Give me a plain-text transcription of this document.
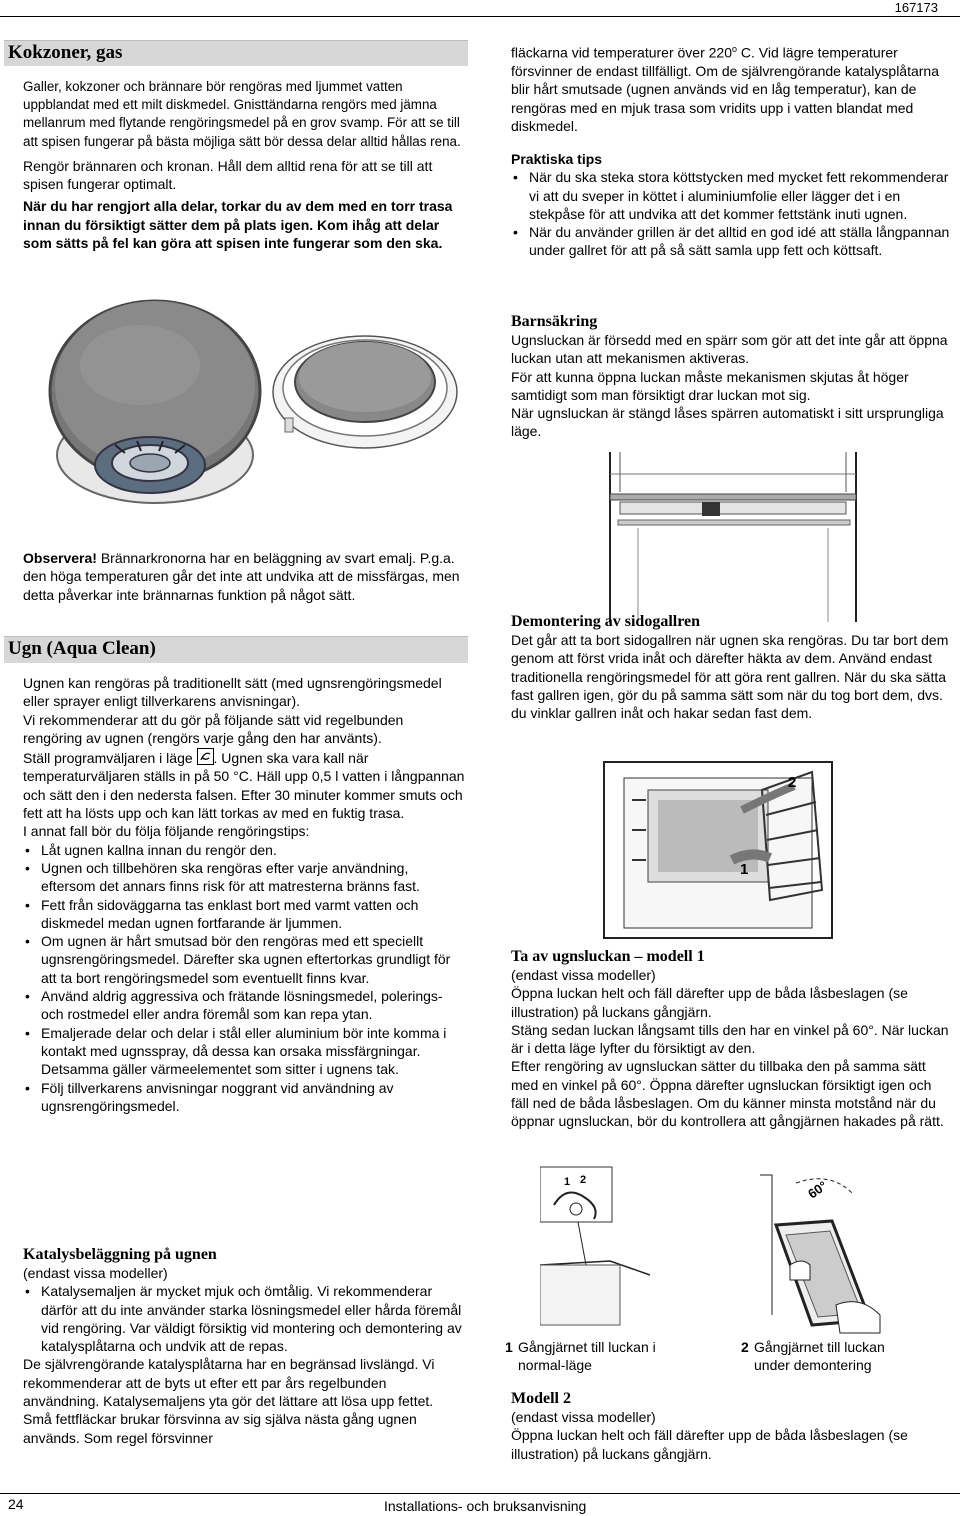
167173
Kokzoner, gas

Galler, kokzoner och brännare bör rengöras med ljummet vatten uppblandat med ett milt diskmedel. Gnisttändarna rengörs med jämna mellanrum med flytande rengöringsmedel på en grov svamp. För att se till att spisen fungerar på bästa möjliga sätt bör dessa delar alltid hållas rena.

Rengör brännaren och kronan. Håll dem alltid rena för att se till att spisen fungerar optimalt.

När du har rengjort alla delar, torkar du av dem med en torr trasa innan du försiktigt sätter dem på plats igen. Kom ihåg att delar som sätts på fel kan göra att spisen inte fungerar som den ska.

Observera! Brännarkronorna har en beläggning av svart emalj. P.g.a. den höga temperaturen går det inte att undvika att de missfärgas, men detta påverkar inte brännarnas funktion på något sätt.

Ugn (Aqua Clean)

Ugnen kan rengöras på traditionellt sätt (med ugnsrengöringsmedel eller sprayer enligt tillverkarens anvisningar).

Vi rekommenderar att du gör på följande sätt vid regelbunden rengöring av ugnen (rengörs varje gång den har använts).

Ställ programväljaren i läge
. Ugnen ska vara kall när temperaturväljaren ställs in på 50 °C. Häll upp 0,5 l vatten i långpannan och sätt den i den nedersta falsen. Efter 30 minuter kommer smuts och fett att ha lösts upp och kan lätt torkas av med en fuktig trasa.

I annat fall bör du följa följande rengöringstips:

• Låt ugnen kallna innan du rengör den.
• Ugnen och tillbehören ska rengöras efter varje användning, eftersom det annars finns risk för att matresterna bränns fast.
• Fett från sidoväggarna tas enklast bort med varmt vatten och diskmedel medan ugnen fortfarande är ljummen.
• Om ugnen är hårt smutsad bör den rengöras med ett speciellt ugnsrengöringsmedel. Därefter ska ugnen eftertorkas grundligt för att ta bort rengöringsmedel som eventuellt finns kvar.
• Använd aldrig aggressiva och frätande lösningsmedel, polerings- och rostmedel eller andra föremål som kan repa ytan.
• Emaljerade delar och delar i stål eller aluminium bör inte komma i kontakt med ugnsspray, då dessa kan orsaka missfärgningar. Detsamma gäller värmeelementet som sitter i ugnens tak.
• Följ tillverkarens anvisningar noggrant vid användning av ugnsrengöringsmedel.

Katalysbeläggning på ugnen

(endast vissa modeller)

• Katalysemaljen är mycket mjuk och ömtålig. Vi rekommenderar därför att du inte använder starka lösningsmedel eller hårda föremål vid rengöring. Var väldigt försiktig vid montering och demontering av katalysplåtarna och undvik att de repas.

De självrengörande katalysplåtarna har en begränsad livslängd. Vi rekommenderar att de byts ut efter ett par års regelbunden användning. Katalysemaljens yta gör det lättare att lösa upp fettet. Små fettfläckar brukar försvinna av sig själva nästa gång ugnen används. Som regel försvinner

fläckarna vid temperaturer över 220$^o$ C. Vid lägre temperaturer försvinner de endast tillfälligt. Om de självrengörande katalysplåtarna blir hårt smutsade (ugnen används vid en låg temperatur), kan de rengöras med en mjuk trasa som vridits upp i vatten blandat med diskmedel.

Praktiska tips

• När du ska steka stora köttstycken med mycket fett rekommenderar vi att du sveper in köttet i aluminiumfolie eller lägger det i en stekpåse för att undvika att det kommer fettstänk inuti ugnen.
• När du använder grillen är det alltid en god idé att ställa långpannan under gallret för att på så sätt samla upp fett och köttsaft.

Barnsäkring

Ugnsluckan är försedd med en spärr som gör att det inte går att öppna luckan utan att mekanismen aktiveras.

För att kunna öppna luckan måste mekanismen skjutas åt höger samtidigt som man försiktigt drar luckan mot sig.

När ugnsluckan är stängd låses spärren automatiskt i sitt ursprungliga läge.

Demontering av sidogallren

Det går att ta bort sidogallren när ugnen ska rengöras. Du tar bort dem genom att först vrida inåt och därefter häkta av dem. Använd endast traditionella rengöringsmedel för att göra rent gallren. När du ska sätta fast gallren igen, gör du på samma sätt som när du tog bort dem, dvs. du vinklar gallren inåt och hakar sedan fast dem.

1
2

Ta av ugnsluckan – modell 1

(endast vissa modeller)

Öppna luckan helt och fäll därefter upp de båda låsbeslagen (se illustration) på luckans gångjärn.

Stäng sedan luckan långsamt tills den har en vinkel på 60°. När luckan är i detta läge lyfter du försiktigt av den.

Efter rengöring av ugnsluckan sätter du tillbaka den på samma sätt med en vinkel på 60°. Öppna därefter ugnsluckan försiktigt igen och fäll ned de båda låsbeslagen. Om du känner minsta motstånd när du öppnar ugnsluckan, bör du kontrollera att gångjärnen hakades på rätt.

1 2	60°
1 Gångjärnet till luckan i normal-läge
2 Gångjärnet till luckan under demontering

Modell 2

(endast vissa modeller)

Öppna luckan helt och fäll därefter upp de båda låsbeslagen (se illustration) på luckans gångjärn.

24	Installations- och bruksanvisning
